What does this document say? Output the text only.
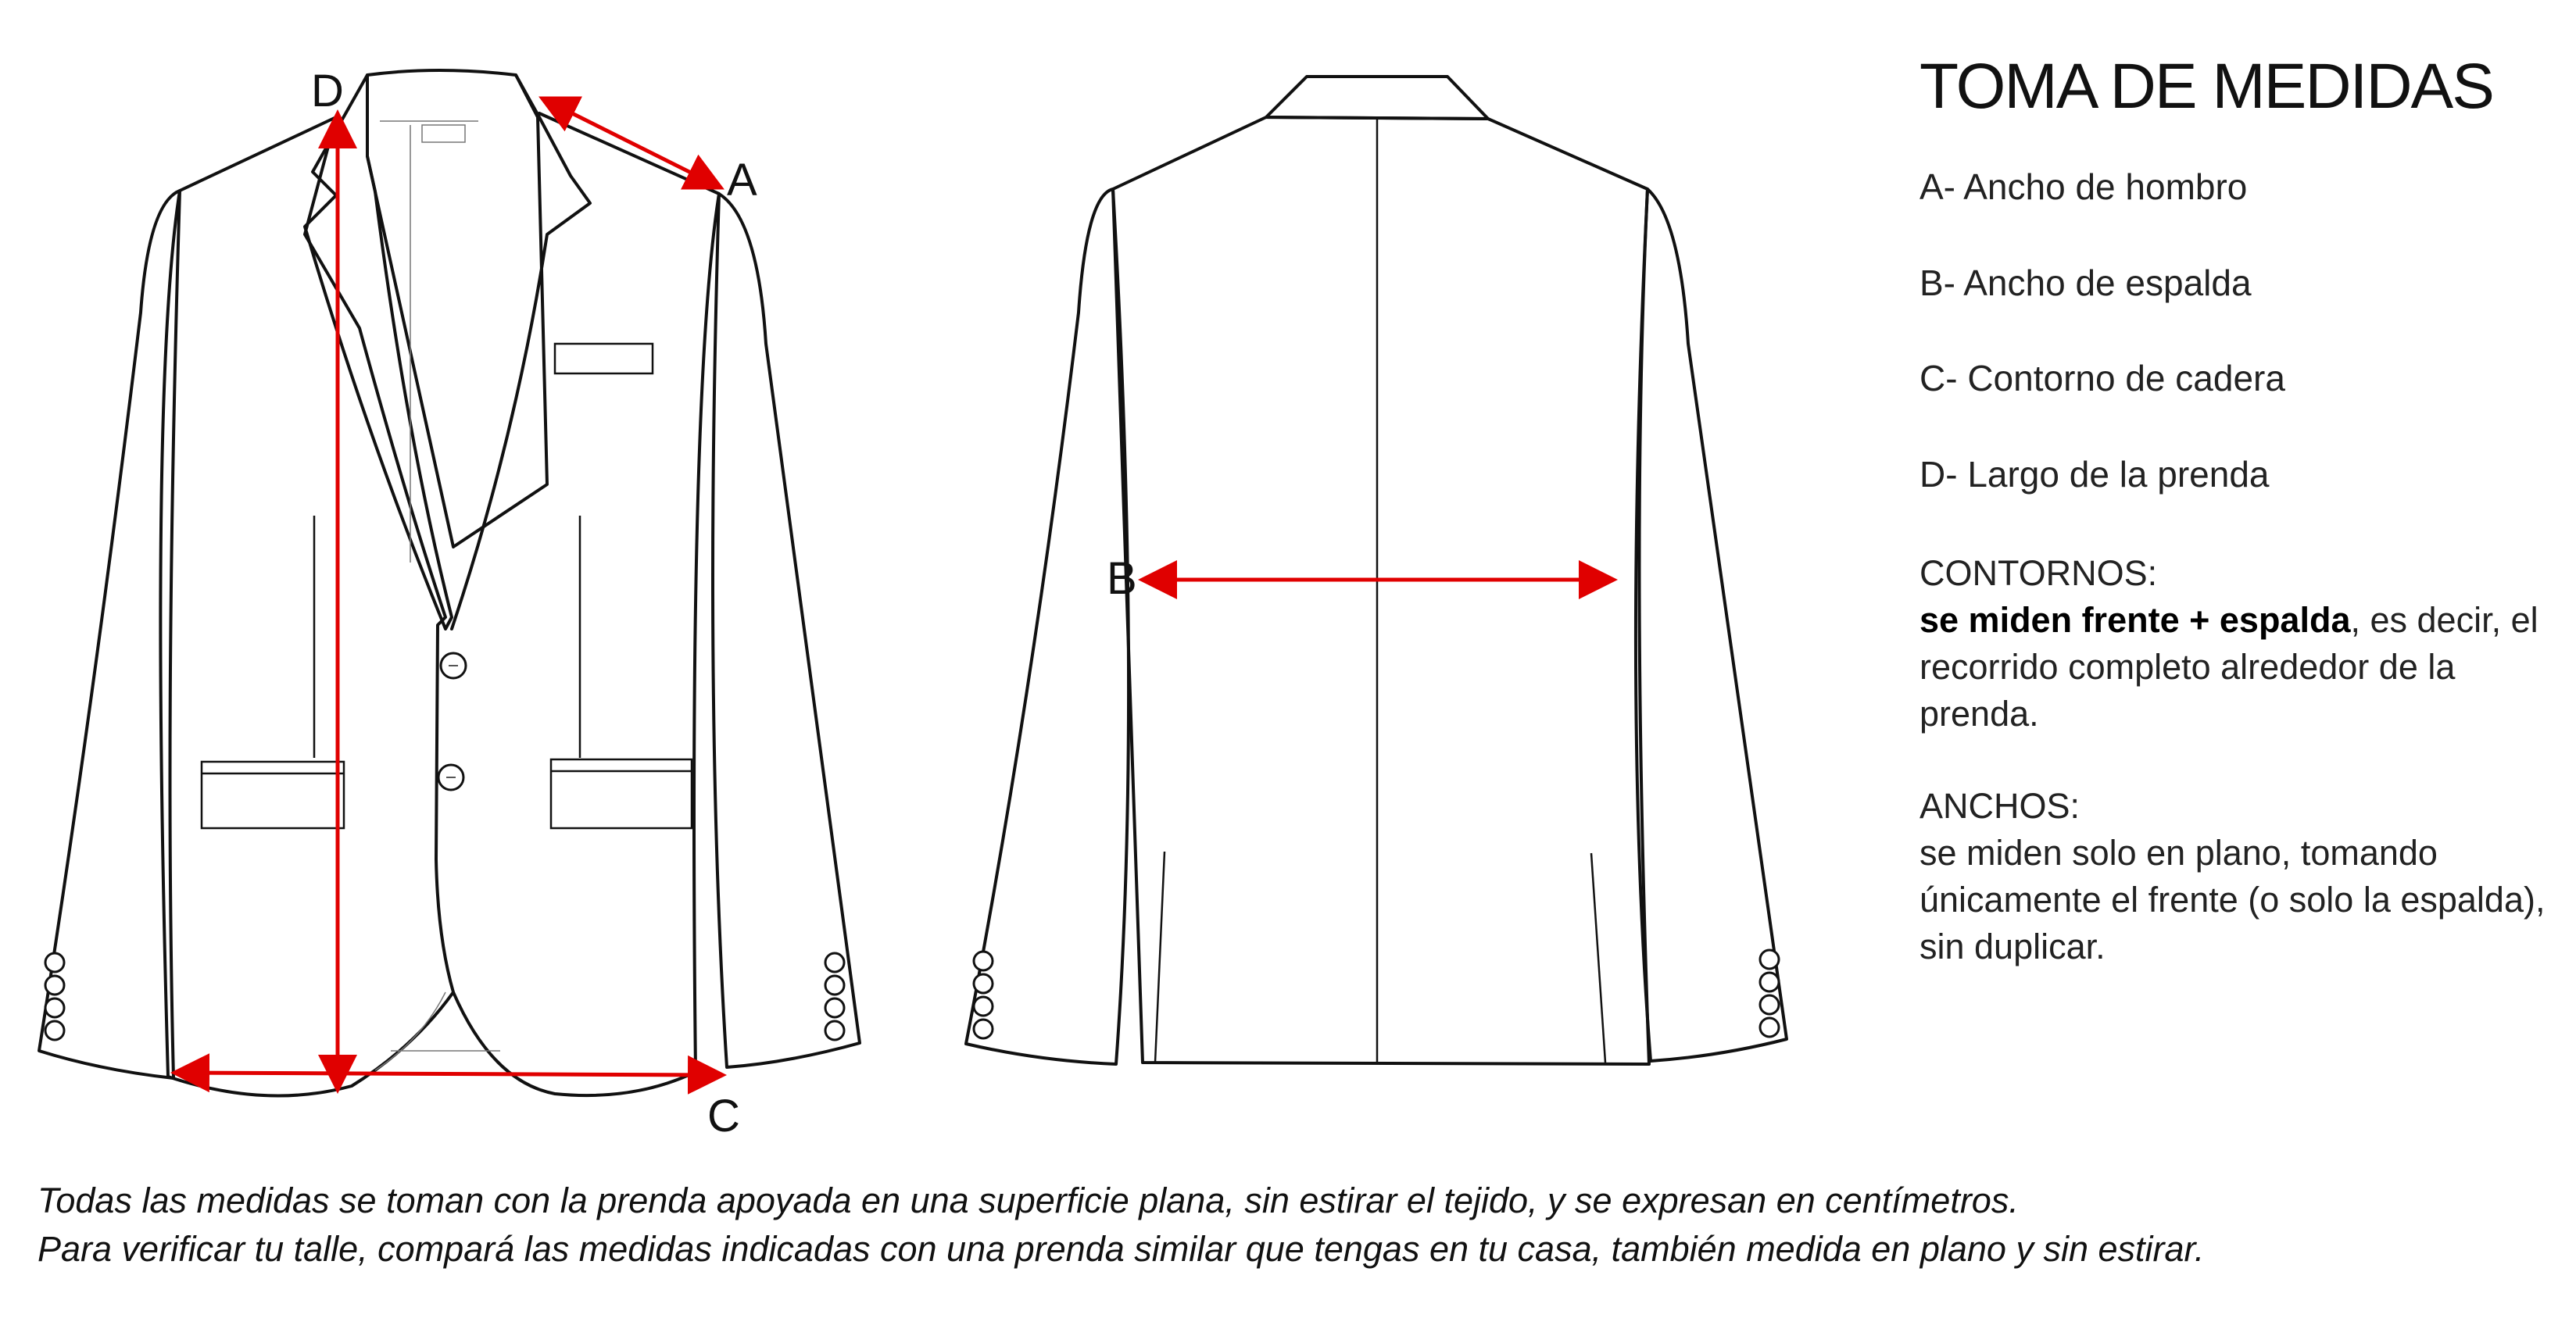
D
A
C
B
TOMA DE MEDIDAS
A- Ancho de hombro
B- Ancho de espalda
C- Contorno de cadera
D- Largo de la prenda
CONTORNOS:
se miden frente + espalda, es decir, el recorrido completo alrededor de la prenda.
ANCHOS:
se miden solo en plano, tomando únicamente el frente (o solo la espalda), sin duplicar.
Todas las medidas se toman con la prenda apoyada en una superficie plana, sin estirar el tejido, y se expresan en centímetros.
Para verificar tu talle, compará las medidas indicadas con una prenda similar que tengas en tu casa, también medida en plano y sin estirar.
